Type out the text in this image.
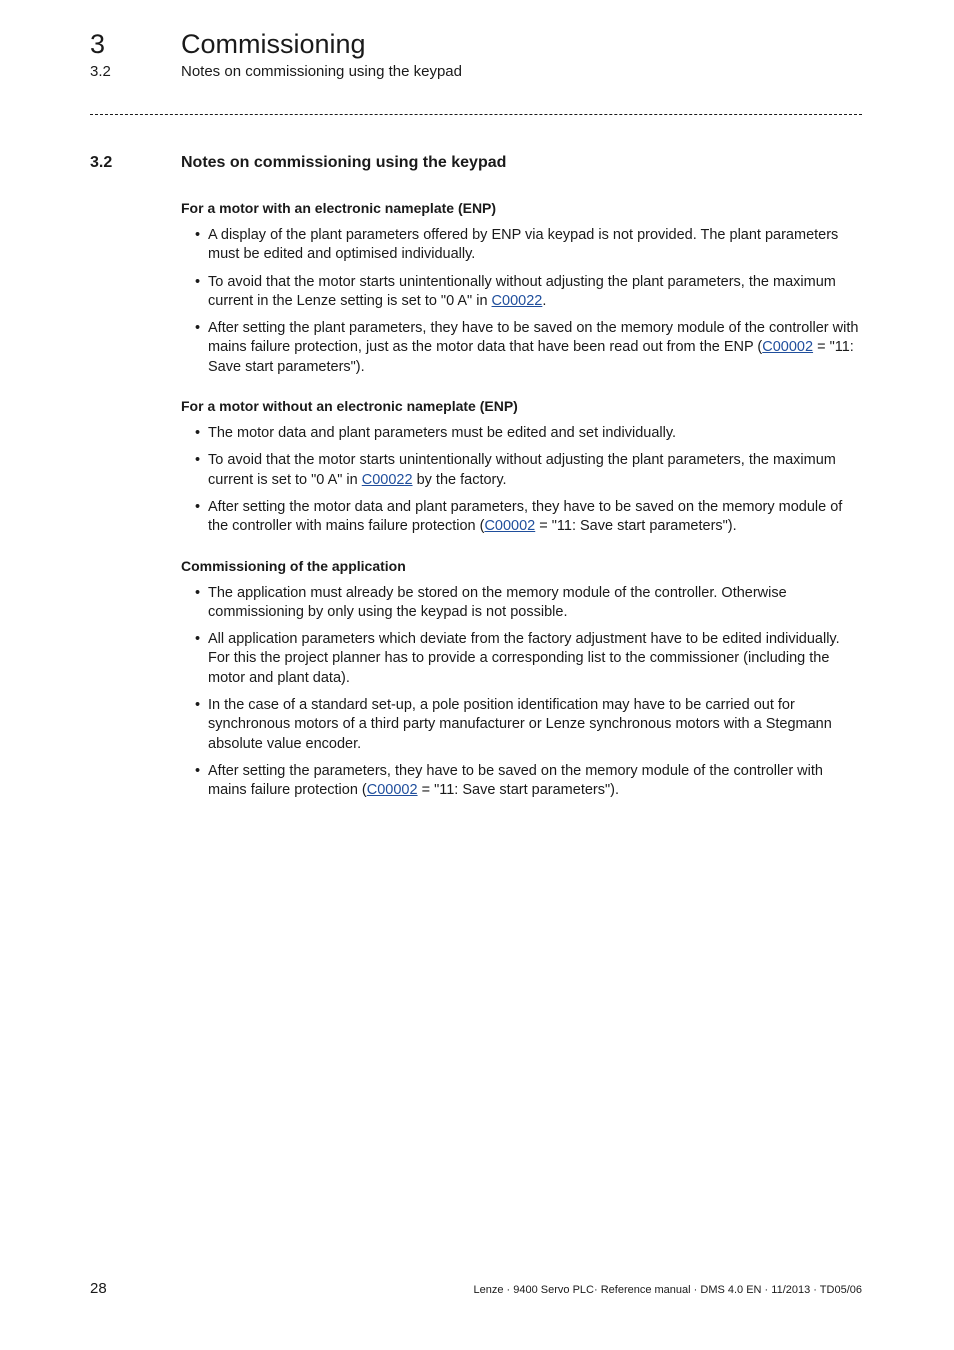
3	Commissioning
3.2	Notes on commissioning using the keypad
3.2	Notes on commissioning using the keypad
For a motor with an electronic nameplate (ENP)
• A display of the plant parameters offered by ENP via keypad is not provided. The plant parameters must be edited and optimised individually.
• To avoid that the motor starts unintentionally without adjusting the plant parameters, the maximum current in the Lenze setting is set to "0 A" in C00022.
• After setting the plant parameters, they have to be saved on the memory module of the controller with mains failure protection, just as the motor data that have been read out from the ENP (C00002 = "11: Save start parameters").
For a motor without an electronic nameplate (ENP)
• The motor data and plant parameters must be edited and set individually.
• To avoid that the motor starts unintentionally without adjusting the plant parameters, the maximum current is set to "0 A" in C00022 by the factory.
• After setting the motor data and plant parameters, they have to be saved on the memory module of the controller with mains failure protection (C00002 = "11: Save start parameters").
Commissioning of the application
• The application must already be stored on the memory module of the controller. Otherwise commissioning by only using the keypad is not possible.
• All application parameters which deviate from the factory adjustment have to be edited individually. For this the project planner has to provide a corresponding list to the commissioner (including the motor and plant data).
• In the case of a standard set-up, a pole position identification may have to be carried out for synchronous motors of a third party manufacturer or Lenze synchronous motors with a Stegmann absolute value encoder.
• After setting the parameters, they have to be saved on the memory module of the controller with mains failure protection (C00002 = "11: Save start parameters").
28	Lenze · 9400 Servo PLC· Reference manual · DMS 4.0 EN · 11/2013 · TD05/06
